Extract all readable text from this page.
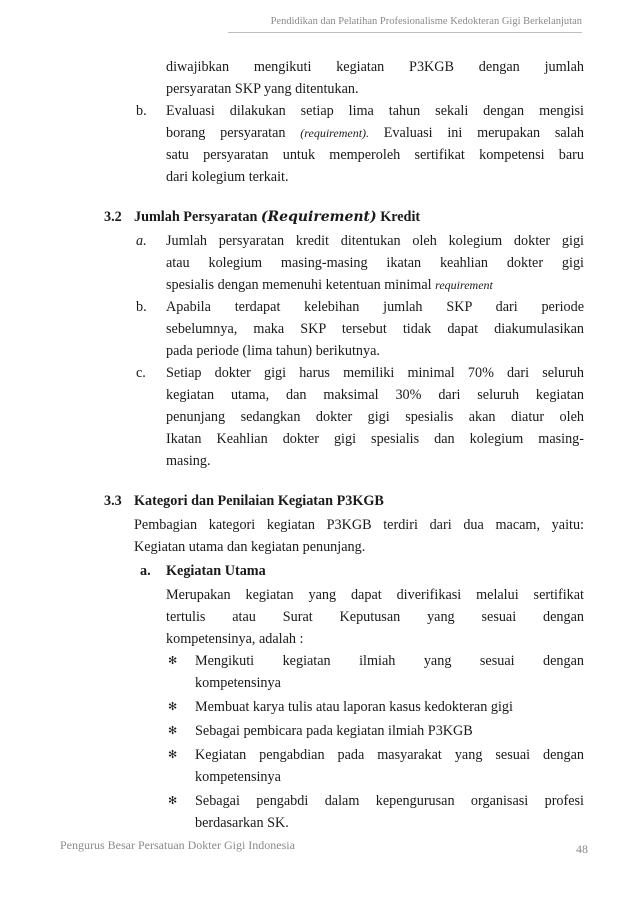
Pendidikan dan Pelatihan Profesionalisme Kedokteran Gigi Berkelanjutan
diwajibkan mengikuti kegiatan P3KGB dengan jumlah
persyaratan SKP yang ditentukan.
b. Evaluasi dilakukan setiap lima tahun sekali dengan mengisi
borang persyaratan (requirement). Evaluasi ini merupakan salah
satu persyaratan untuk memperoleh sertifikat kompetensi baru
dari kolegium terkait.
3.2 Jumlah Persyaratan (Requirement) Kredit
a. Jumlah persyaratan kredit ditentukan oleh kolegium dokter gigi
atau kolegium masing-masing ikatan keahlian dokter gigi
spesialis dengan memenuhi ketentuan minimal requirement
b. Apabila terdapat kelebihan jumlah SKP dari periode
sebelumnya, maka SKP tersebut tidak dapat diakumulasikan
pada periode (lima tahun) berikutnya.
c. Setiap dokter gigi harus memiliki minimal 70% dari seluruh
kegiatan utama, dan maksimal 30% dari seluruh kegiatan
penunjang sedangkan dokter gigi spesialis akan diatur oleh
Ikatan Keahlian dokter gigi spesialis dan kolegium masing-
masing.
3.3 Kategori dan Penilaian Kegiatan P3KGB
Pembagian kategori kegiatan P3KGB terdiri dari dua macam, yaitu:
Kegiatan utama dan kegiatan penunjang.
a. Kegiatan Utama
Merupakan kegiatan yang dapat diverifikasi melalui sertifikat
tertulis atau Surat Keputusan yang sesuai dengan
kompetensinya, adalah :
✻ Mengikuti kegiatan ilmiah yang sesuai dengan
kompetensinya
✻ Membuat karya tulis atau laporan kasus kedokteran gigi
✻ Sebagai pembicara pada kegiatan ilmiah P3KGB
✻ Kegiatan pengabdian pada masyarakat yang sesuai dengan
kompetensinya
✻ Sebagai pengabdi dalam kepengurusan organisasi profesi
berdasarkan SK.
Pengurus Besar Persatuan Dokter Gigi Indonesia	48
